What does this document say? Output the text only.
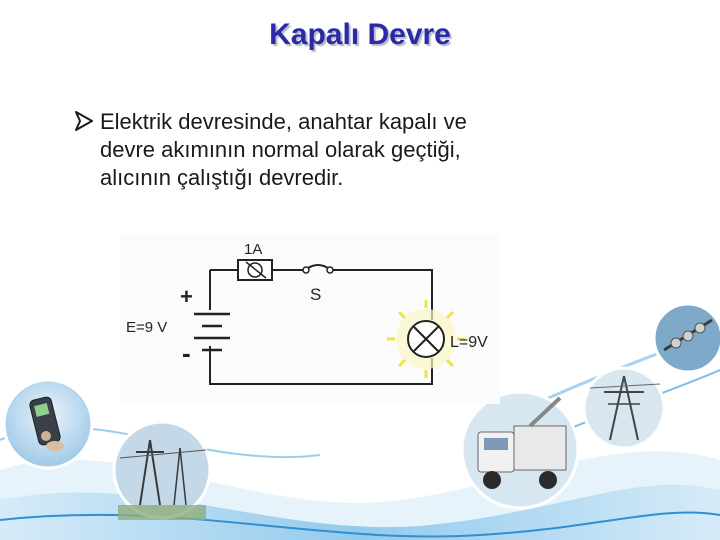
Kapalı Devre
Elektrik devresinde, anahtar kapalı ve
devre akımının normal olarak geçtiği,
alıcının çalıştığı devredir.
1A
S
+
-
E=9 V
L=9V
